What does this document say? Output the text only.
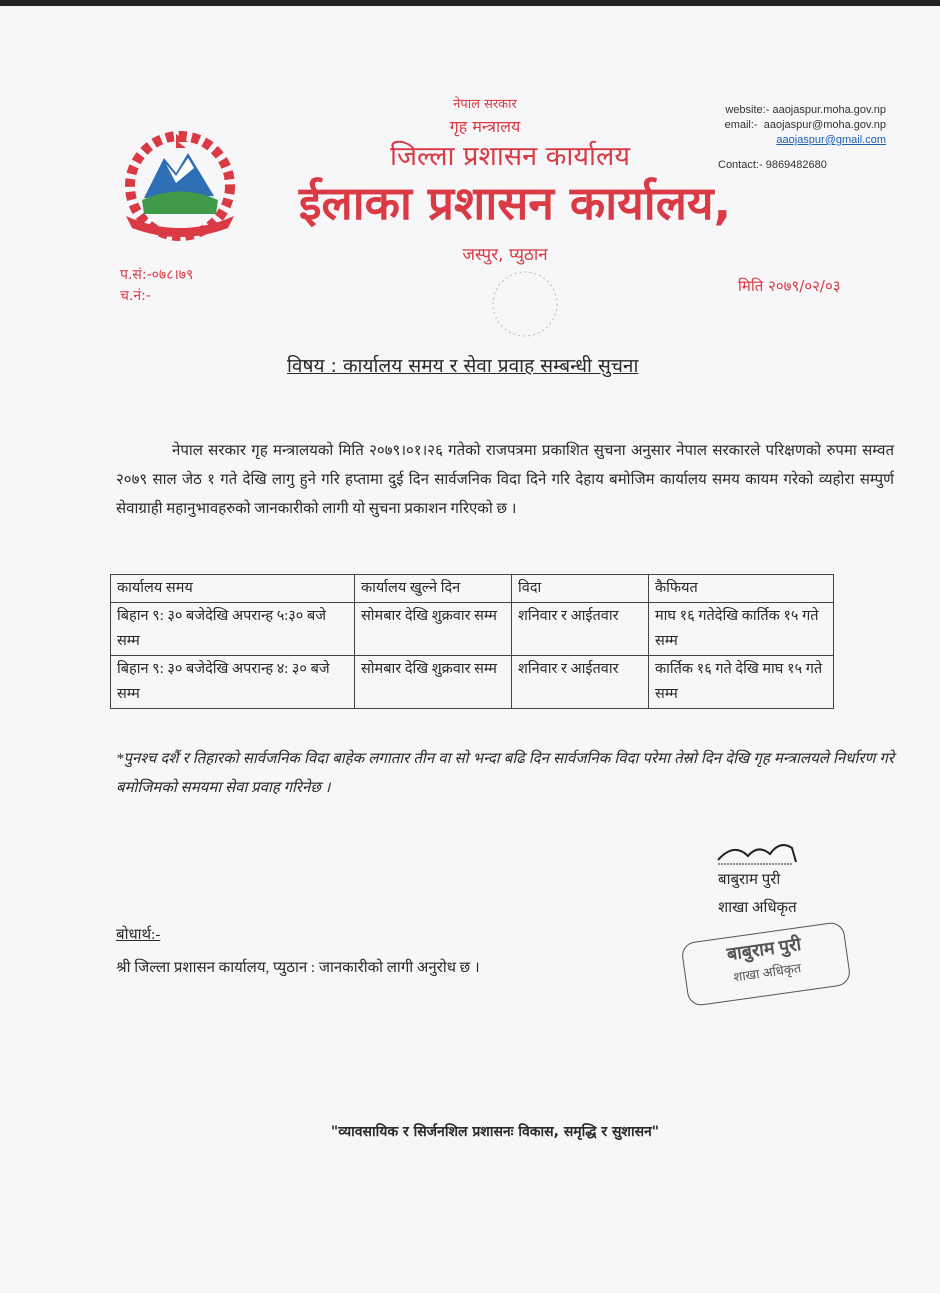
नेपाल सरकार
गृह मन्त्रालय
जिल्ला प्रशासन कार्यालय
ईलाका प्रशासन कार्यालय,
जस्पुर, प्युठान
website:- aaojaspur.moha.gov.np
email:- aaojaspur@moha.gov.np
aaojaspur@gmail.com
Contact:- 9869482680
प.सं:-०७८।७९
च.नं:-
मिति २०७९/०२/०३
विषय : कार्यालय समय र सेवा प्रवाह सम्बन्धी सुचना
नेपाल सरकार गृह मन्त्रालयको मिति २०७९।०१।२६ गतेको राजपत्रमा प्रकाशित सुचना अनुसार नेपाल सरकारले परिक्षणको रुपमा सम्वत २०७९ साल जेठ १ गते देखि लागु हुने गरि हप्तामा दुई दिन सार्वजनिक विदा दिने गरि देहाय बमोजिम कार्यालय समय कायम गरेको व्यहोरा सम्पुर्ण सेवाग्राही महानुभावहरुको जानकारीको लागी यो सुचना प्रकाशन गरिएको छ ।
कार्यालय समय	कार्यालय खुल्ने दिन	विदा	कैफियत
बिहान ९: ३० बजेदेखि अपरान्ह ५:३० बजे सम्म	सोमबार देखि शुक्रवार सम्म	शनिवार र आईतवार	माघ १६ गतेदेखि कार्तिक १५ गते सम्म
बिहान ९: ३० बजेदेखि अपरान्ह ४: ३० बजे सम्म	सोमबार देखि शुक्रवार सम्म	शनिवार र आईतवार	कार्तिक १६ गते देखि माघ १५ गते सम्म
*पुनश्च दशैं र तिहारको सार्वजनिक विदा बाहेक लगातार तीन वा सो भन्दा बढि दिन सार्वजनिक विदा परेमा तेस्रो दिन देखि गृह मन्त्रालयले निर्धारण गरे बमोजिमको समयमा सेवा प्रवाह गरिनेछ ।
बाबुराम पुरी
शाखा अधिकृत
बाबुराम पुरी
शाखा अधिकृत
बोधार्थ:-
श्री जिल्ला प्रशासन कार्यालय, प्युठान : जानकारीको लागी अनुरोध छ ।
"व्यावसायिक र सिर्जनशिल प्रशासनः विकास, समृद्धि र सुशासन"
